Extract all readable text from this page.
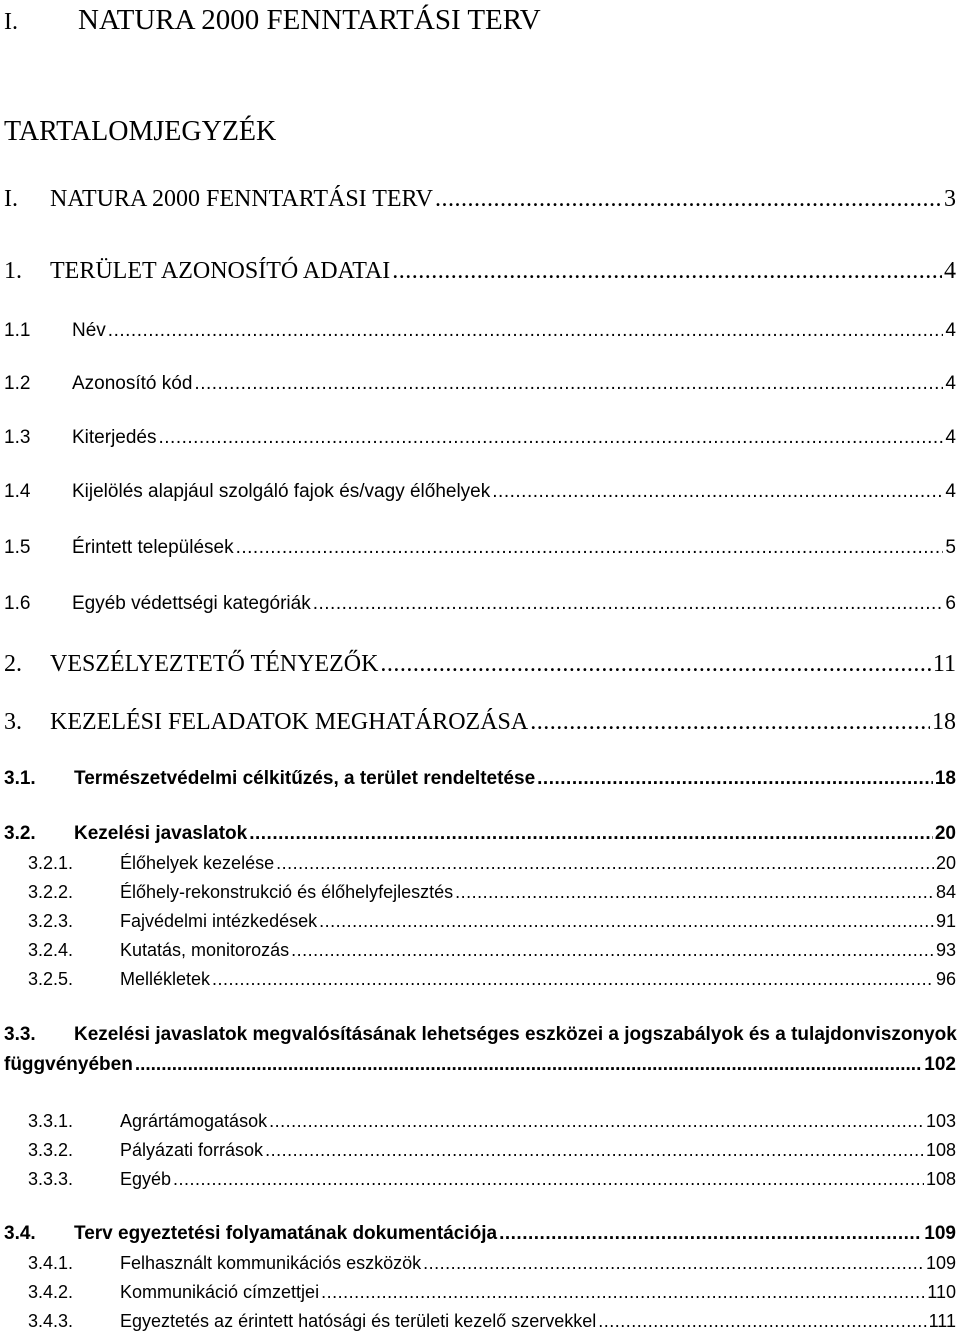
I. NATURA 2000 FENNTARTÁSI TERV
TARTALOMJEGYZÉK
I.	NATURA 2000 FENNTARTÁSI TERV .....	3
1.	TERÜLET AZONOSÍTÓ ADATAI .....	4
1.1	Név .....	4
1.2	Azonosító kód .....	4
1.3	Kiterjedés .....	4
1.4	Kijelölés alapjául szolgáló fajok és/vagy élőhelyek .....	4
1.5	Érintett települések .....	5
1.6	Egyéb védettségi kategóriák .....	6
2.	VESZÉLYEZTETŐ TÉNYEZŐK .....	11
3.	KEZELÉSI FELADATOK MEGHATÁROZÁSA .....	18
3.1.	Természetvédelmi célkitűzés, a terület rendeltetése .....	18
3.2.	Kezelési javaslatok .....	20
3.2.1.	Élőhelyek kezelése .....	20
3.2.2.	Élőhely-rekonstrukció és élőhelyfejlesztés .....	84
3.2.3.	Fajvédelmi intézkedések .....	91
3.2.4.	Kutatás, monitorozás .....	93
3.2.5.	Mellékletek .....	96
3.3. Kezelési javaslatok megvalósításának lehetséges eszközei a jogszabályok és a tulajdonviszonyok
függvényében .....	102
3.3.1.	Agrártámogatások .....	103
3.3.2.	Pályázati források .....	108
3.3.3.	Egyéb .....	108
3.4.	Terv egyeztetési folyamatának dokumentációja .....	109
3.4.1.	Felhasznált kommunikációs eszközök .....	109
3.4.2.	Kommunikáció címzettjei .....	110
3.4.3.	Egyeztetés az érintett hatósági és területi kezelő szervekkel .....	111
